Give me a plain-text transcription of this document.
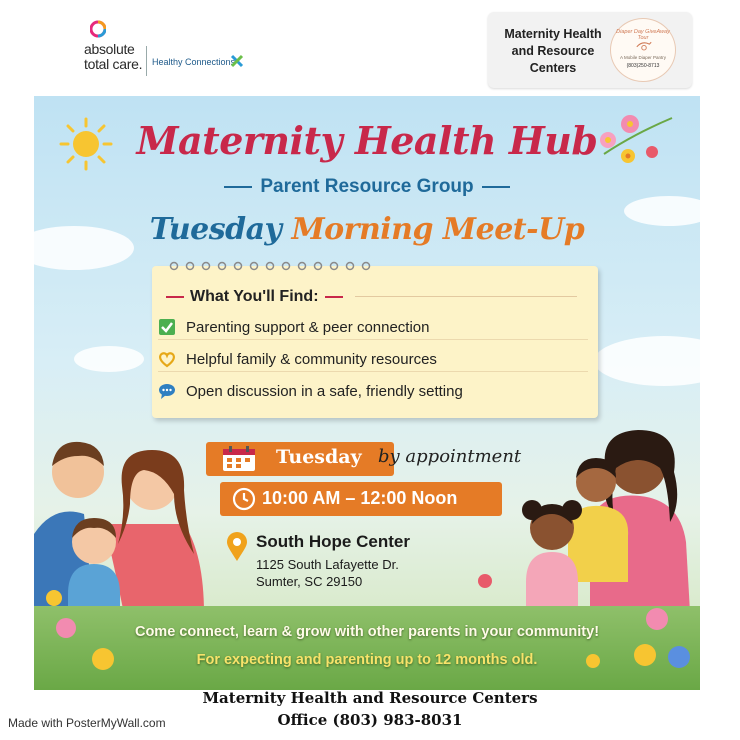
absolute
total care. Healthy Connections
Maternity Health and Resource Centers
Diaper Day GiveAway Tour
A Mobile Diaper Pantry
(803)250-8713
Maternity Health Hub
Parent Resource Group
Tuesday Morning Meet-Up
What You'll Find:
Parenting support & peer connection
Helpful family & community resources
Open discussion in a safe, friendly setting
Tuesday by appointment
10:00 AM – 12:00 Noon
South Hope Center
1125 South Lafayette Dr.
Sumter, SC 29150
Come connect, learn & grow with other parents in your community!
For expecting and parenting up to 12 months old.
Maternity Health and Resource Centers
Office (803) 983-8031
Made with PosterMyWall.com
